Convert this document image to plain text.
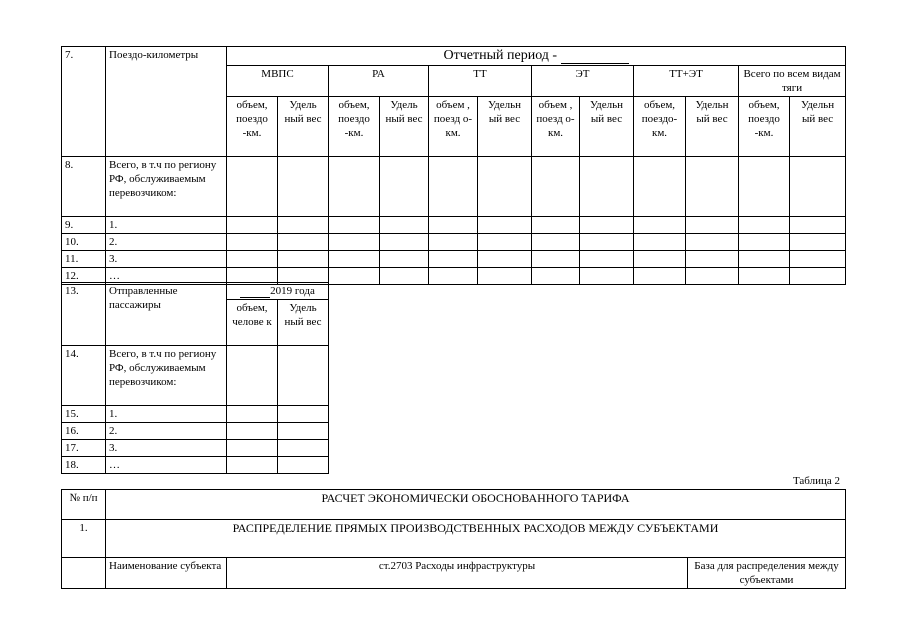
7.	Поездо-километры	Отчетный период -											
		МВПС		РА		ТТ		ЭТ		ТТ+ЭТ		Всего по всем видам тяги	
		объем, поездо -км.	Удель ный вес	объем, поездо -км.	Удель ный вес	объем , поезд о-км.	Удельн ый вес	объем , поезд о-км.	Удельн ый вес	объем, поездо- км.	Удельн ый вес	объем, поездо -км.	Удельн ый вес
8.	Всего, в т.ч по региону РФ, обслуживаемым перевозчиком:												
9.	1.												
10.	2.												
11.	3.												
12.	…												
13.	Отправленные пассажиры	2019 года	
		объем, челове к	Удель ный вес
14.	Всего, в т.ч по региону РФ, обслуживаемым перевозчиком:		
15.	1.		
16.	2.		
17.	3.		
18.	…		
Таблица 2
№ п/п	РАСЧЕТ ЭКОНОМИЧЕСКИ ОБОСНОВАННОГО ТАРИФА		
1.	РАСПРЕДЕЛЕНИЕ ПРЯМЫХ ПРОИЗВОДСТВЕННЫХ РАСХОДОВ МЕЖДУ СУБЪЕКТАМИ		
	Наименование субъекта	ст.2703 Расходы инфраструктуры	База для распределения между субъектами
